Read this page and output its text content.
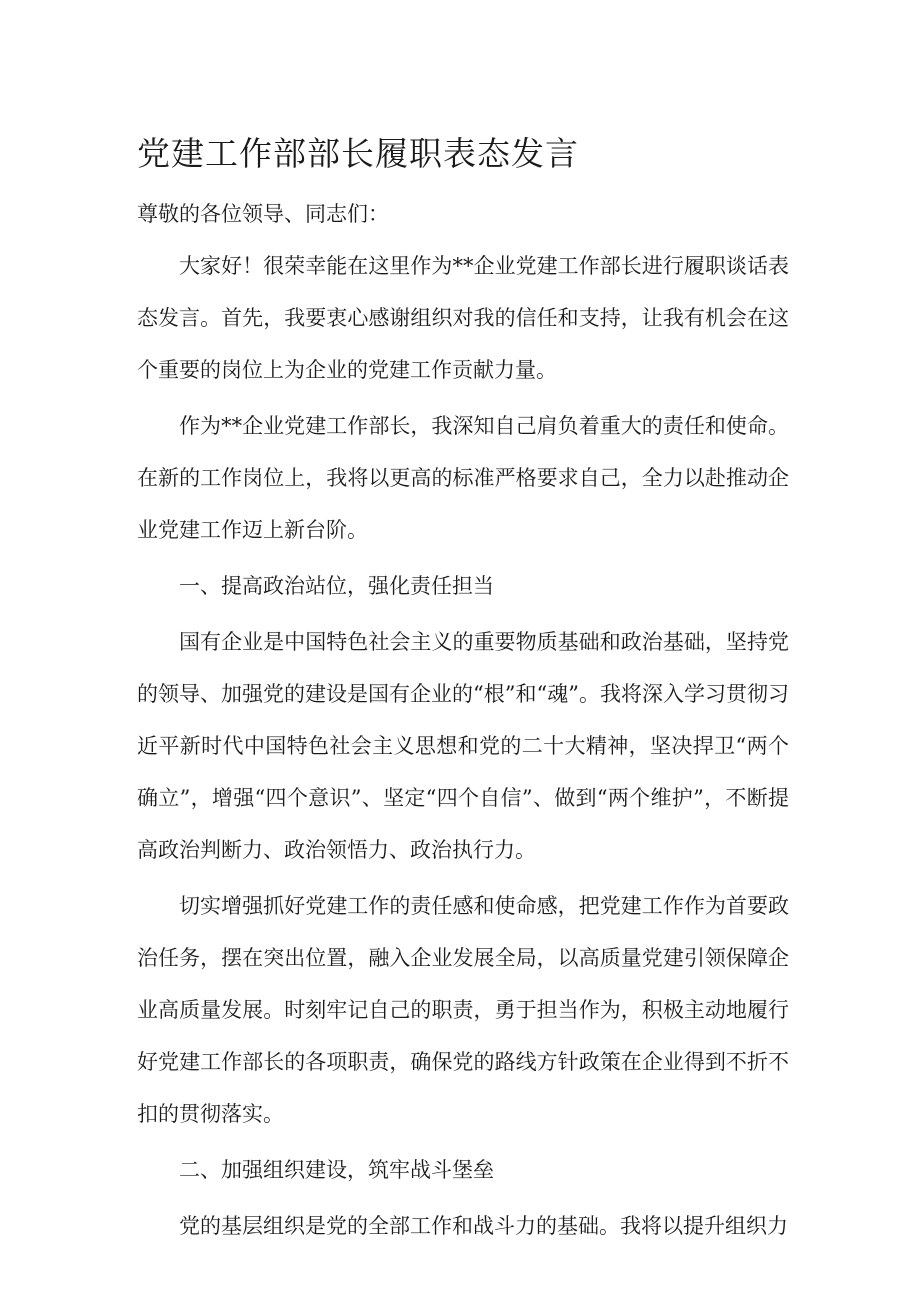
党建工作部部长履职表态发言

尊敬的各位领导、同志们：

大家好！很荣幸能在这里作为**企业党建工作部长进行履职谈话表态发言。首先，我要衷心感谢组织对我的信任和支持，让我有机会在这个重要的岗位上为企业的党建工作贡献力量。

作为**企业党建工作部长，我深知自己肩负着重大的责任和使命。在新的工作岗位上，我将以更高的标准严格要求自己，全力以赴推动企业党建工作迈上新台阶。

一、提高政治站位，强化责任担当

国有企业是中国特色社会主义的重要物质基础和政治基础，坚持党的领导、加强党的建设是国有企业的“根”和“魂”。我将深入学习贯彻习近平新时代中国特色社会主义思想和党的二十大精神，坚决捍卫“两个确立”，增强“四个意识”、坚定“四个自信”、做到“两个维护”，不断提高政治判断力、政治领悟力、政治执行力。

切实增强抓好党建工作的责任感和使命感，把党建工作作为首要政治任务，摆在突出位置，融入企业发展全局，以高质量党建引领保障企业高质量发展。时刻牢记自己的职责，勇于担当作为，积极主动地履行好党建工作部长的各项职责，确保党的路线方针政策在企业得到不折不扣的贯彻落实。

二、加强组织建设，筑牢战斗堡垒

党的基层组织是党的全部工作和战斗力的基础。我将以提升组织力
